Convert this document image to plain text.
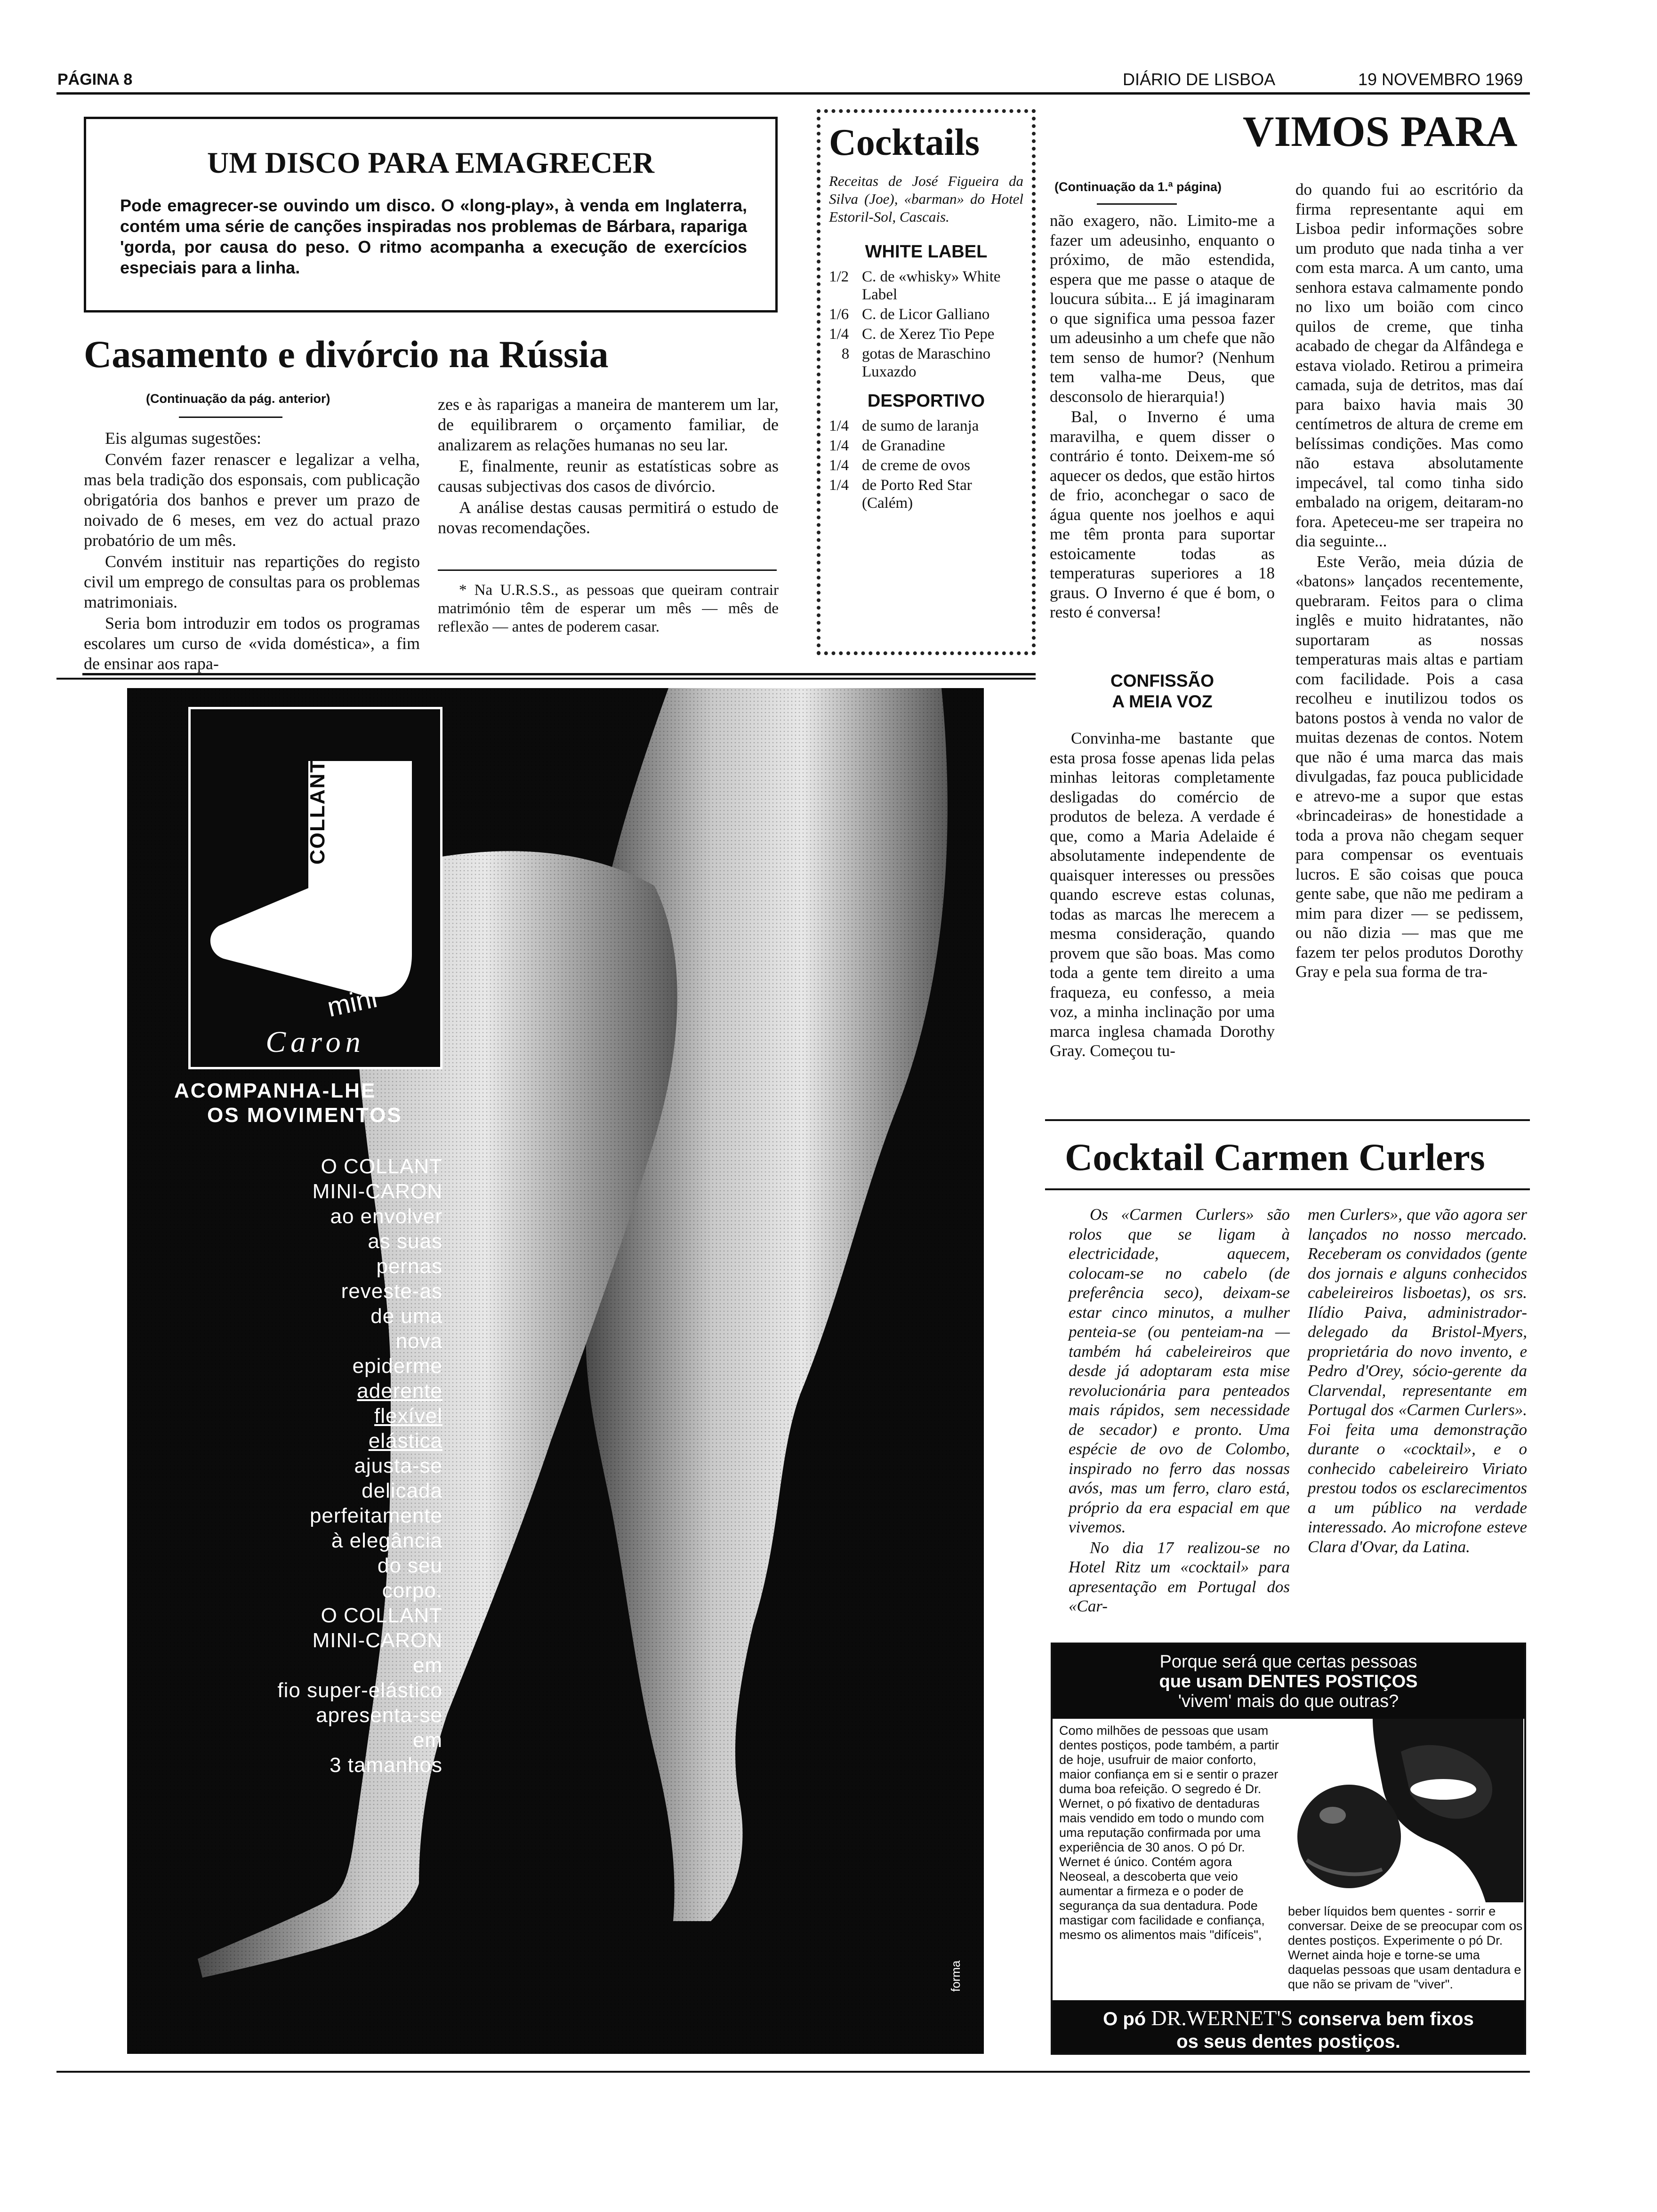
PÁGINA 8	DIÁRIO DE LISBOA	19 NOVEMBRO 1969
UM DISCO PARA EMAGRECER
Pode emagrecer-se ouvindo um disco. O «long-play», à venda em Inglaterra, contém uma série de canções inspiradas nos problemas de Bárbara, rapariga 'gorda, por causa do peso. O ritmo acompanha a execução de exercícios especiais para a linha.
Casamento e divórcio na Rússia
(Continuação da pág. anterior)

Eis algumas sugestões:

Convém fazer renascer e legalizar a velha, mas bela tradição dos esponsais, com publicação obrigatória dos banhos e prever um prazo de noivado de 6 meses, em vez do actual prazo probatório de um mês.

Convém instituir nas repartições do registo civil um emprego de consultas para os problemas matrimoniais.

Seria bom introduzir em todos os programas escolares um curso de «vida doméstica», a fim de ensinar aos rapa-

zes e às raparigas a maneira de manterem um lar, de equilibrarem o orçamento familiar, de analizarem as relações humanas no seu lar.

E, finalmente, reunir as estatísticas sobre as causas subjectivas dos casos de divórcio.

A análise destas causas permitirá o estudo de novas recomendações.

* Na U.R.S.S., as pessoas que queiram contrair matrimónio têm de esperar um mês — mês de reflexão — antes de poderem casar.

Cocktails
Receitas de José Figueira da Silva (Joe), «barman» do Hotel Estoril-Sol, Cascais.
WHITE LABEL
1/2 C. de «whisky» White Label
1/6 C. de Licor Galliano
1/4 C. de Xerez Tio Pepe
8 gotas de Maraschino Luxazdo
DESPORTIVO
1/4 de sumo de laranja
1/4 de Granadine
1/4 de creme de ovos
1/4 de Porto Red Star (Calém)
VIMOS PARA
(Continuação da 1.ª página)

não exagero, não. Limito-me a fazer um adeusinho, enquanto o próximo, de mão estendida, espera que me passe o ataque de loucura súbita... E já imaginaram o que significa uma pessoa fazer um adeusinho a um chefe que não tem senso de humor? (Nenhum tem valha-me Deus, que desconsolo de hierarquia!)

Bal, o Inverno é uma maravilha, e quem disser o contrário é tonto. Deixem-me só aquecer os dedos, que estão hirtos de frio, aconchegar o saco de água quente nos joelhos e aqui me têm pronta para suportar estoicamente todas as temperaturas superiores a 18 graus. O Inverno é que é bom, o resto é conversa!

CONFISSÃO
A MEIA VOZ

Convinha-me bastante que esta prosa fosse apenas lida pelas minhas leitoras completamente desligadas do comércio de produtos de beleza. A verdade é que, como a Maria Adelaide é absolutamente independente de quaisquer interesses ou pressões quando escreve estas colunas, todas as marcas lhe merecem a mesma consideração, quando provem que são boas. Mas como toda a gente tem direito a uma fraqueza, eu confesso, a meia voz, a minha inclinação por uma marca inglesa chamada Dorothy Gray. Começou tu-

do quando fui ao escritório da firma representante aqui em Lisboa pedir informações sobre um produto que nada tinha a ver com esta marca. A um canto, uma senhora estava calmamente pondo no lixo um boião com cinco quilos de creme, que tinha acabado de chegar da Alfândega e estava violado. Retirou a primeira camada, suja de detritos, mas daí para baixo havia mais 30 centímetros de altura de creme em belíssimas condições. Mas como não estava absolutamente impecável, tal como tinha sido embalado na origem, deitaram-no fora. Apeteceu-me ser trapeira no dia seguinte...

Este Verão, meia dúzia de «batons» lançados recentemente, quebraram. Feitos para o clima inglês e muito hidratantes, não suportaram as nossas temperaturas mais altas e partiam com facilidade. Pois a casa recolheu e inutilizou todos os batons postos à venda no valor de muitas dezenas de contos. Notem que não é uma marca das mais divulgadas, faz pouca publicidade e atrevo-me a supor que estas «brincadeiras» de honestidade a toda a prova não chegam sequer para compensar os eventuais lucros. E são coisas que pouca gente sabe, que não me pediram a mim para dizer — se pedissem, ou não dizia — mas que me fazem ter pelos produtos Dorothy Gray e pela sua forma de tra-

Cocktail Carmen Curlers

Os «Carmen Curlers» são rolos que se ligam à electricidade, aquecem, colocam-se no cabelo (de preferência seco), deixam-se estar cinco minutos, a mulher penteia-se (ou penteiam-na — também há cabeleireiros que desde já adoptaram esta mise revolucionária para penteados mais rápidos, sem necessidade de secador) e pronto. Uma espécie de ovo de Colombo, inspirado no ferro das nossas avós, mas um ferro, claro está, próprio da era espacial em que vivemos.

No dia 17 realizou-se no Hotel Ritz um «cocktail» para apresentação em Portugal dos «Car-

men Curlers», que vão agora ser lançados no nosso mercado. Receberam os convidados (gente dos jornais e alguns conhecidos cabeleireiros lisboetas), os srs. Ilídio Paiva, administrador-delegado da Bristol-Myers, proprietária do novo invento, e Pedro d'Orey, sócio-gerente da Clarvendal, representante em Portugal dos «Carmen Curlers». Foi feita uma demonstração durante o «cocktail», e o conhecido cabeleireiro Viriato prestou todos os esclarecimentos a um público na verdade interessado. Ao microfone esteve Clara d'Ovar, da Latina.

COLLANT
mini
Caron
ACOMPANHA-LHE
OS MOVIMENTOS
O COLLANT
MINI-CARON
ao envolver
as suas
pernas
reveste-as
de uma
nova
epiderme
aderente
flexível
elástica
ajusta-se
delicada
perfeitamente
à elegância
do seu
corpo.
O COLLANT
MINI-CARON
em
fio super-elástico
apresenta-se
em
3 tamanhos
forma
Porque será que certas pessoas
que usam DENTES POSTIÇOS
'vivem' mais do que outras?
Como milhões de pessoas que usam dentes postiços, pode também, a partir de hoje, usufruir de maior conforto, maior confiança em si e sentir o prazer duma boa refeição. O segredo é Dr. Wernet, o pó fixativo de dentaduras mais vendido em todo o mundo com uma reputação confirmada por uma experiência de 30 anos. O pó Dr. Wernet é único. Contém agora Neoseal, a descoberta que veio aumentar a firmeza e o poder de segurança da sua dentadura. Pode mastigar com facilidade e confiança, mesmo os alimentos mais "difíceis",
beber líquidos bem quentes - sorrir e conversar. Deixe de se preocupar com os dentes postiços. Experimente o pó Dr. Wernet ainda hoje e torne-se uma daquelas pessoas que usam dentadura e que não se privam de "viver".
O pó DR.WERNET'S conserva bem fixos
os seus dentes postiços.
